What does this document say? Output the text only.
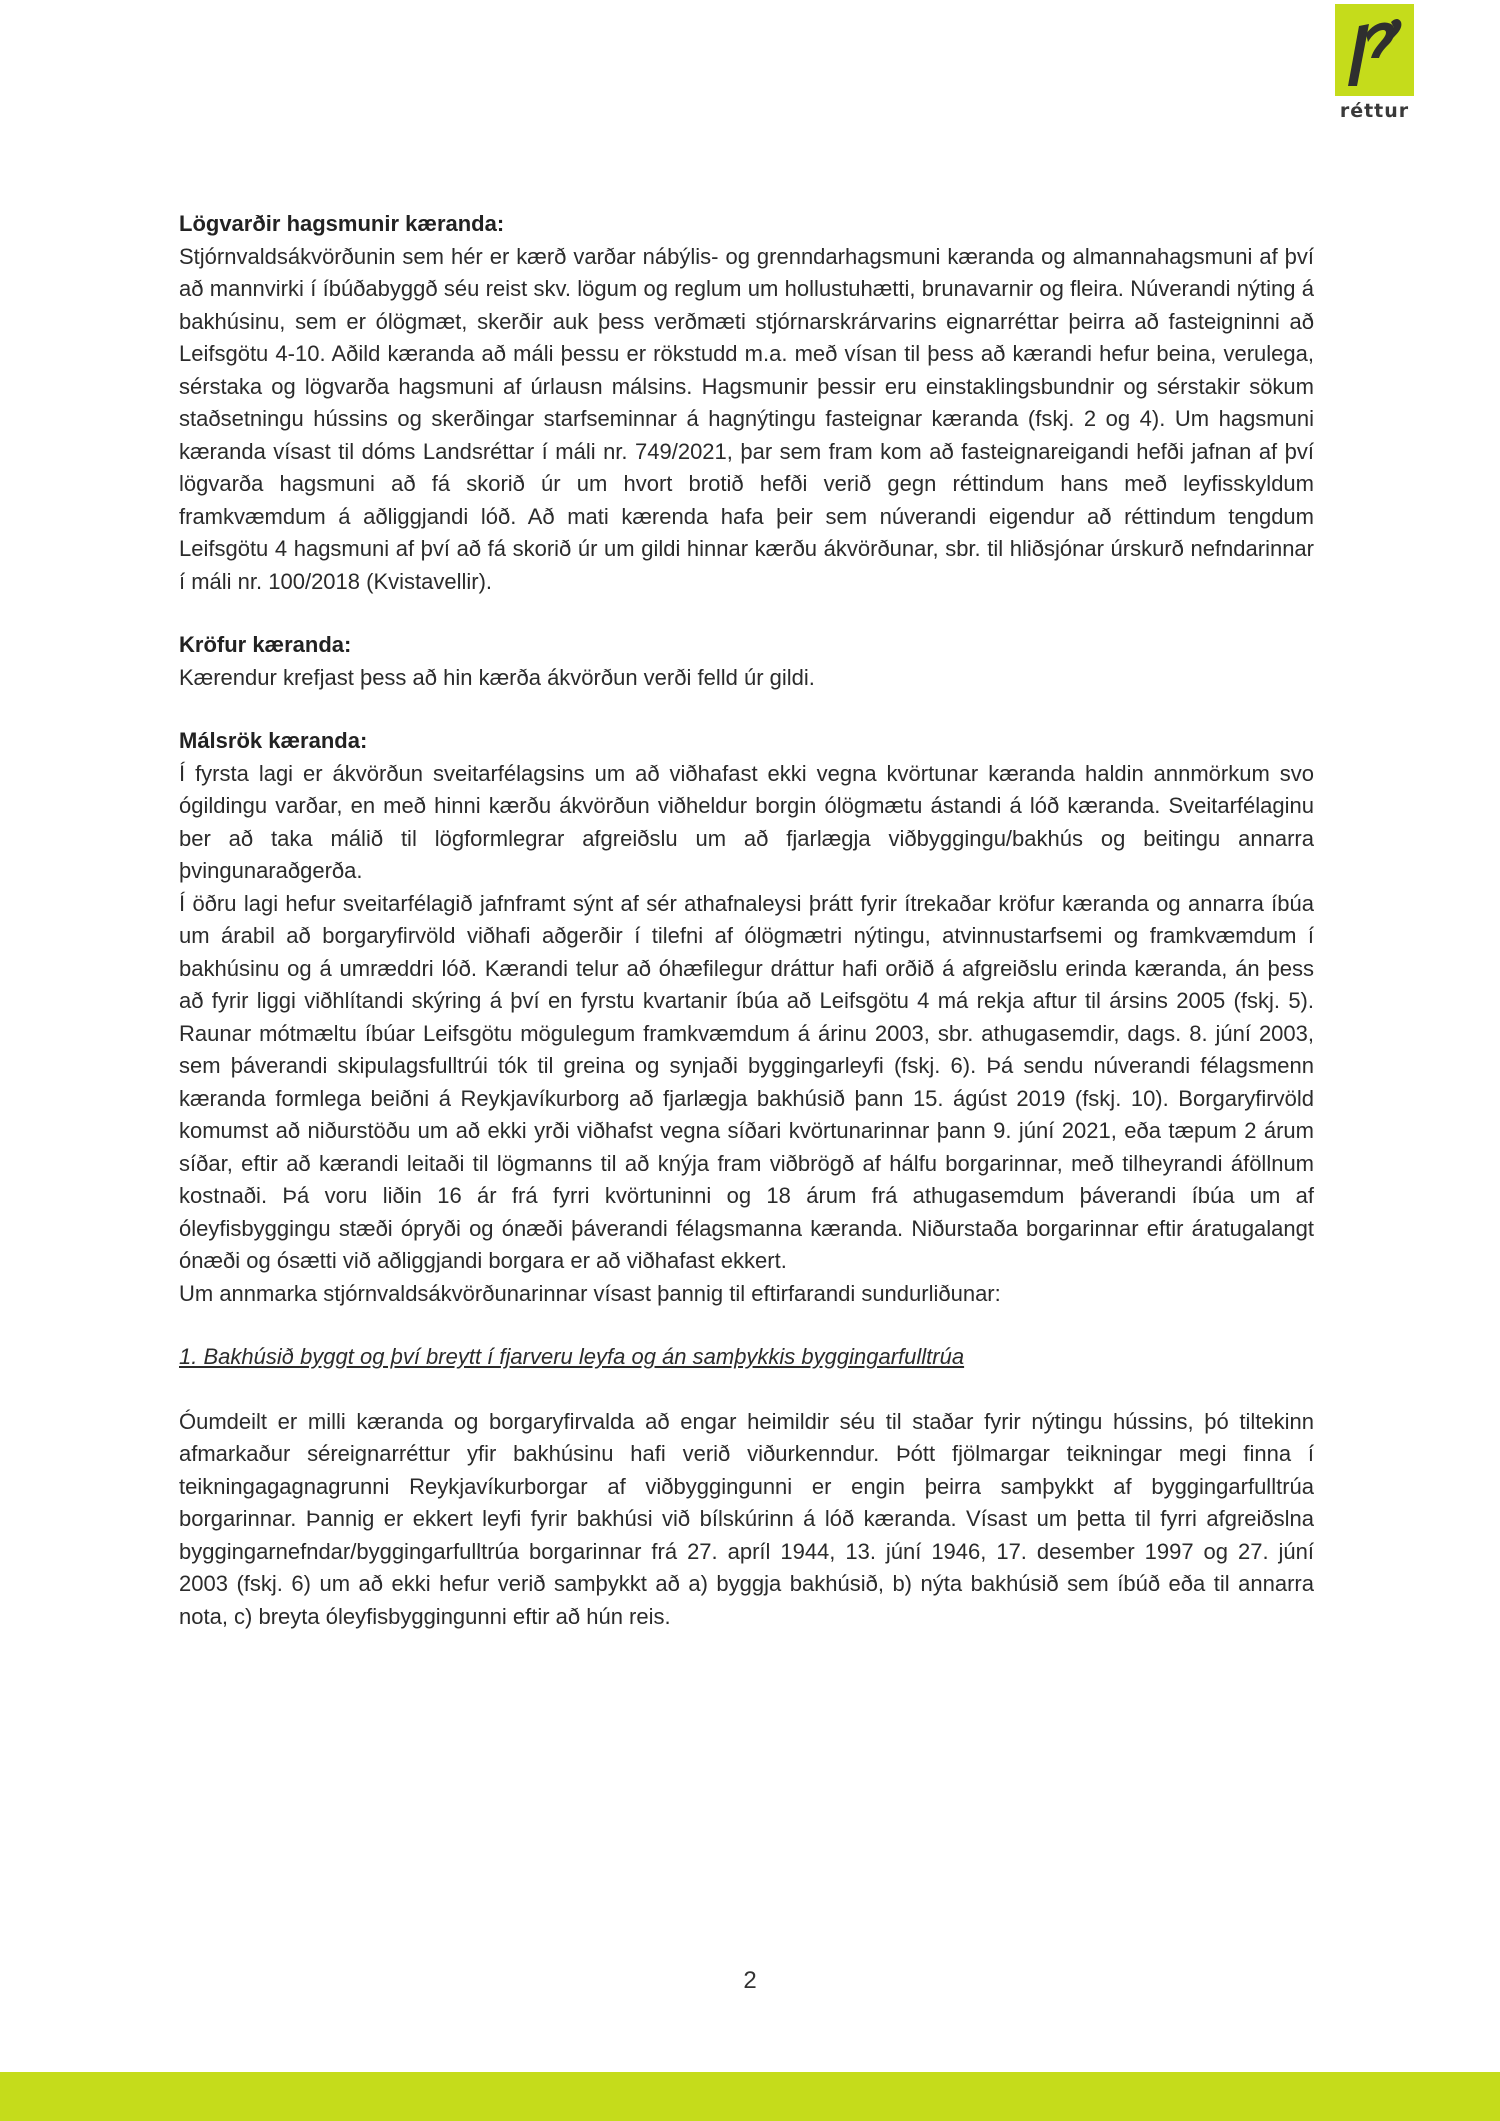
réttur
Lögvarðir hagsmunir kæranda:

Stjórnvaldsákvörðunin sem hér er kærð varðar nábýlis- og grenndarhagsmuni kæranda og almannahagsmuni af því að mannvirki í íbúðabyggð séu reist skv. lögum og reglum um hollustuhætti, brunavarnir og fleira. Núverandi nýting á bakhúsinu, sem er ólögmæt, skerðir auk þess verðmæti stjórnarskrárvarins eignarréttar þeirra að fasteigninni að Leifsgötu 4-10. Aðild kæranda að máli þessu er rökstudd m.a. með vísan til þess að kærandi hefur beina, verulega, sérstaka og lögvarða hagsmuni af úrlausn málsins. Hagsmunir þessir eru einstaklingsbundnir og sérstakir sökum staðsetningu hússins og skerðingar starfseminnar á hagnýtingu fasteignar kæranda (fskj. 2 og 4). Um hagsmuni kæranda vísast til dóms Landsréttar í máli nr. 749/2021, þar sem fram kom að fasteignareigandi hefði jafnan af því lögvarða hagsmuni að fá skorið úr um hvort brotið hefði verið gegn réttindum hans með leyfisskyldum framkvæmdum á aðliggjandi lóð. Að mati kærenda hafa þeir sem núverandi eigendur að réttindum tengdum Leifsgötu 4 hagsmuni af því að fá skorið úr um gildi hinnar kærðu ákvörðunar, sbr. til hliðsjónar úrskurð nefndarinnar í máli nr. 100/2018 (Kvistavellir).

Kröfur kæranda:

Kærendur krefjast þess að hin kærða ákvörðun verði felld úr gildi.

Málsrök kæranda:

Í fyrsta lagi er ákvörðun sveitarfélagsins um að viðhafast ekki vegna kvörtunar kæranda haldin annmörkum svo ógildingu varðar, en með hinni kærðu ákvörðun viðheldur borgin ólögmætu ástandi á lóð kæranda. Sveitarfélaginu ber að taka málið til lögformlegrar afgreiðslu um að fjarlægja viðbyggingu/bakhús og beitingu annarra þvingunaraðgerða.

Í öðru lagi hefur sveitarfélagið jafnframt sýnt af sér athafnaleysi þrátt fyrir ítrekaðar kröfur kæranda og annarra íbúa um árabil að borgaryfirvöld viðhafi aðgerðir í tilefni af ólögmætri nýtingu, atvinnustarfsemi og framkvæmdum í bakhúsinu og á umræddri lóð. Kærandi telur að óhæfilegur dráttur hafi orðið á afgreiðslu erinda kæranda, án þess að fyrir liggi viðhlítandi skýring á því en fyrstu kvartanir íbúa að Leifsgötu 4 má rekja aftur til ársins 2005 (fskj. 5). Raunar mótmæltu íbúar Leifsgötu mögulegum framkvæmdum á árinu 2003, sbr. athugasemdir, dags. 8. júní 2003, sem þáverandi skipulagsfulltrúi tók til greina og synjaði byggingarleyfi (fskj. 6). Þá sendu núverandi félagsmenn kæranda formlega beiðni á Reykjavíkurborg að fjarlægja bakhúsið þann 15. ágúst 2019 (fskj. 10). Borgaryfirvöld komumst að niðurstöðu um að ekki yrði viðhafst vegna síðari kvörtunarinnar þann 9. júní 2021, eða tæpum 2 árum síðar, eftir að kærandi leitaði til lögmanns til að knýja fram viðbrögð af hálfu borgarinnar, með tilheyrandi áföllnum kostnaði. Þá voru liðin 16 ár frá fyrri kvörtuninni og 18 árum frá athugasemdum þáverandi íbúa um af óleyfisbyggingu stæði ópryði og ónæði þáverandi félagsmanna kæranda. Niðurstaða borgarinnar eftir áratugalangt ónæði og ósætti við aðliggjandi borgara er að viðhafast ekkert.

Um annmarka stjórnvaldsákvörðunarinnar vísast þannig til eftirfarandi sundurliðunar:

1. Bakhúsið byggt og því breytt í fjarveru leyfa og án samþykkis byggingarfulltrúa

Óumdeilt er milli kæranda og borgaryfirvalda að engar heimildir séu til staðar fyrir nýtingu hússins, þó tiltekinn afmarkaður séreignarréttur yfir bakhúsinu hafi verið viðurkenndur. Þótt fjölmargar teikningar megi finna í teikningagagnagrunni Reykjavíkurborgar af viðbyggingunni er engin þeirra samþykkt af byggingarfulltrúa borgarinnar. Þannig er ekkert leyfi fyrir bakhúsi við bílskúrinn á lóð kæranda. Vísast um þetta til fyrri afgreiðslna byggingarnefndar/byggingarfulltrúa borgarinnar frá 27. apríl 1944, 13. júní 1946, 17. desember 1997 og 27. júní 2003 (fskj. 6) um að ekki hefur verið samþykkt að a) byggja bakhúsið, b) nýta bakhúsið sem íbúð eða til annarra nota, c) breyta óleyfisbyggingunni eftir að hún reis.

2
